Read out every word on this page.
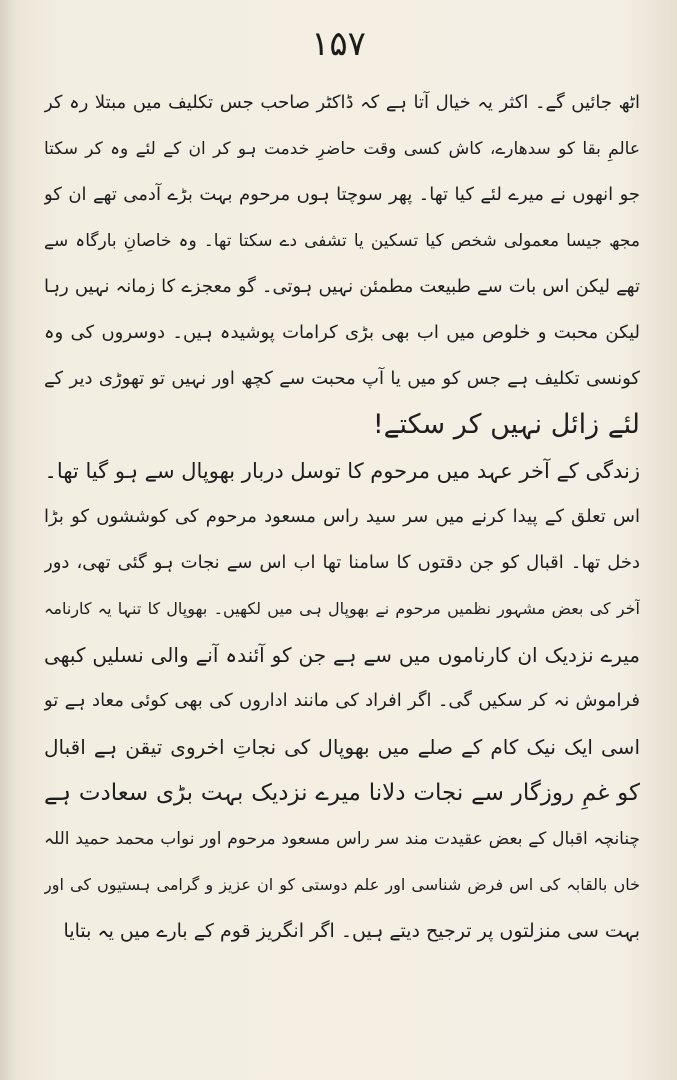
۱۵۷
اٹھ جائیں گے۔ اکثر یہ خیال آتا ہے کہ ڈاکٹر صاحب جس تکلیف میں مبتلا رہ کر
عالمِ بقا کو سدھارے، کاش کسی وقت حاضرِ خدمت ہو کر ان کے لئے وہ کر سکتا
جو انھوں نے میرے لئے کیا تھا۔ پھر سوچتا ہوں مرحوم بہت بڑے آدمی تھے ان کو
مجھ جیسا معمولی شخص کیا تسکین یا تشفی دے سکتا تھا۔ وہ خاصانِ بارگاہ سے
تھے لیکن اس بات سے طبیعت مطمئن نہیں ہوتی۔ گو معجزے کا زمانہ نہیں رہا
لیکن محبت و خلوص میں اب بھی بڑی کرامات پوشیدہ ہیں۔ دوسروں کی وہ
کونسی تکلیف ہے جس کو میں یا آپ محبت سے کچھ اور نہیں تو تھوڑی دیر کے
لئے زائل نہیں کر سکتے!
زندگی کے آخر عہد میں مرحوم کا توسل دربار بھوپال سے ہو گیا تھا۔
اس تعلق کے پیدا کرنے میں سر سید راس مسعود مرحوم کی کوششوں کو بڑا
دخل تھا۔ اقبال کو جن دقتوں کا سامنا تھا اب اس سے نجات ہو گئی تھی، دور
آخر کی بعض مشہور نظمیں مرحوم نے بھوپال ہی میں لکھیں۔ بھوپال کا تنہا یہ کارنامہ
میرے نزدیک ان کارناموں میں سے ہے جن کو آئندہ آنے والی نسلیں کبھی
فراموش نہ کر سکیں گی۔ اگر افراد کی مانند اداروں کی بھی کوئی معاد ہے تو
اسی ایک نیک کام کے صلے میں بھوپال کی نجاتِ اخروی تیقن ہے اقبال
کو غمِ روزگار سے نجات دلانا میرے نزدیک بہت بڑی سعادت ہے
چنانچہ اقبال کے بعض عقیدت مند سر راس مسعود مرحوم اور نواب محمد حمید اللہ
خاں بالقابہ کی اس فرض شناسی اور علم دوستی کو ان عزیز و گرامی ہستیوں کی اور
بہت سی منزلتوں پر ترجیح دیتے ہیں۔ اگر انگریز قوم کے بارے میں یہ بتایا
